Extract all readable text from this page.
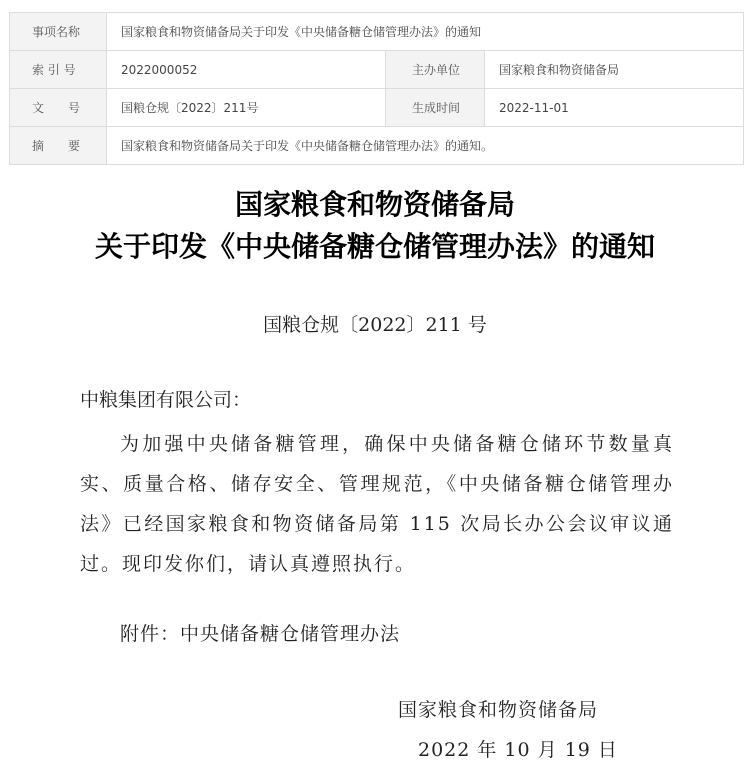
事项名称	国家粮食和物资储备局关于印发《中央储备糖仓储管理办法》的通知		
索 引 号	2022000052	主办单位	国家粮食和物资储备局
文　　号	国粮仓规〔2022〕211号	生成时间	2022-11-01
摘　　要	国家粮食和物资储备局关于印发《中央储备糖仓储管理办法》的通知。		
国家粮食和物资储备局
关于印发《中央储备糖仓储管理办法》的通知
国粮仓规〔2022〕211 号
中粮集团有限公司：

为加强中央储备糖管理，确保中央储备糖仓储环节数量真实、质量合格、储存安全、管理规范，《中央储备糖仓储管理办法》已经国家粮食和物资储备局第 115 次局长办公会议审议通过。现印发你们，请认真遵照执行。

附件：中央储备糖仓储管理办法
国家粮食和物资储备局
2022 年 10 月 19 日
